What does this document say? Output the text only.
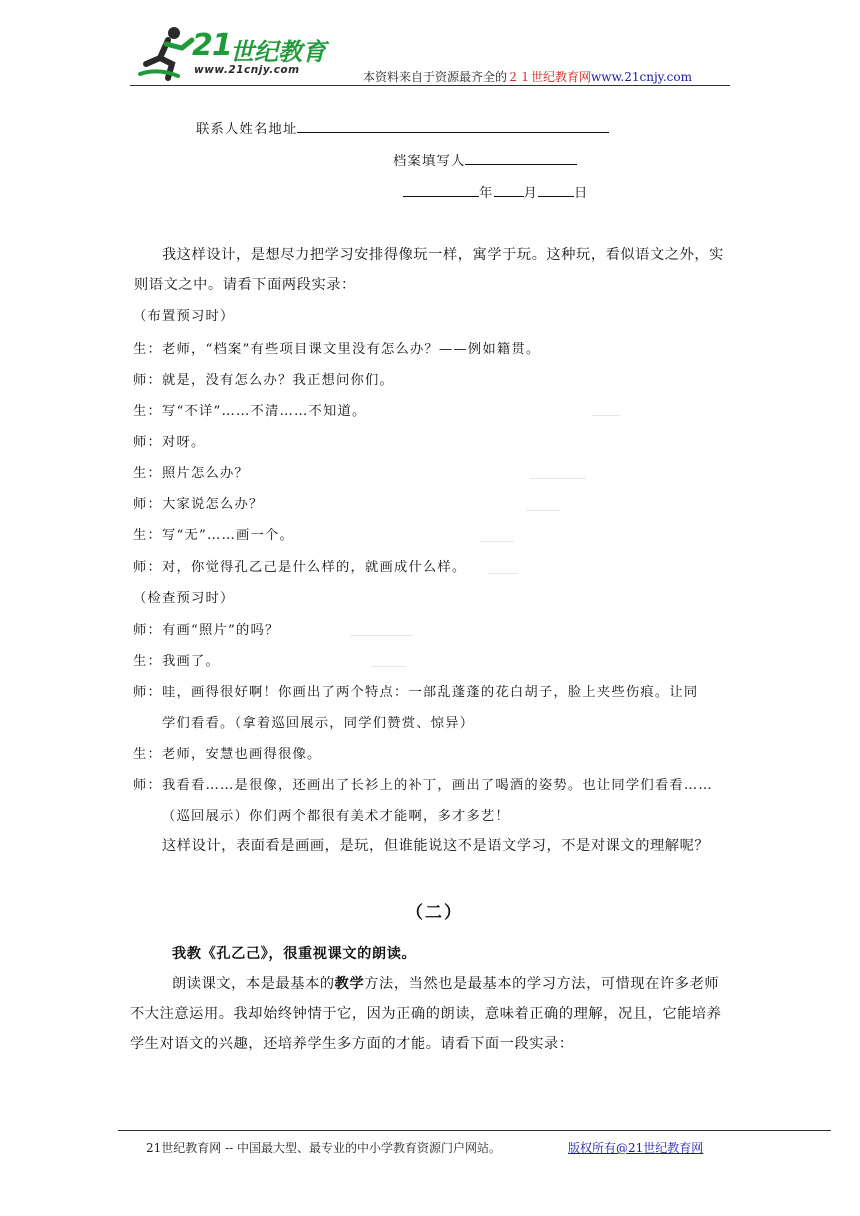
21
世纪教育
www.21cnjy.com	本资料来自于资源最齐全的２１世纪教育网www.21cnjy.com
联系人姓名地址
档案填写人
年 月	日
我这样设计，是想尽力把学习安排得像玩一样，寓学于玩。这种玩，看似语文之外，实
则语文之中。请看下面两段实录：
（布置预习时）
生：老师，“档案”有些项目课文里没有怎么办？——例如籍贯。
师：就是，没有怎么办？我正想问你们。
生：写“不详”……不清……不知道。
师：对呀。
生：照片怎么办？
师：大家说怎么办？
生：写“无”……画一个。
师：对，你觉得孔乙己是什么样的，就画成什么样。
（检查预习时）
师：有画“照片”的吗？
生：我画了。
师：哇，画得很好啊！你画出了两个特点：一部乱蓬蓬的花白胡子，脸上夹些伤痕。让同
学们看看。（拿着巡回展示，同学们赞赏、惊异）
生：老师，安慧也画得很像。
师：我看看……是很像，还画出了长衫上的补丁，画出了喝酒的姿势。也让同学们看看……
（巡回展示）你们两个都很有美术才能啊，多才多艺！
这样设计，表面看是画画，是玩，但谁能说这不是语文学习，不是对课文的理解呢？
（二）
我教《孔乙己》，很重视课文的朗读。
朗读课文，本是最基本的教学方法，当然也是最基本的学习方法，可惜现在许多老师
不大注意运用。我却始终钟情于它，因为正确的朗读，意味着正确的理解，况且，它能培养
学生对语文的兴趣，还培养学生多方面的才能。请看下面一段实录：
21世纪教育网 -- 中国最大型、最专业的中小学教育资源门户网站。	版权所有@21世纪教育网
